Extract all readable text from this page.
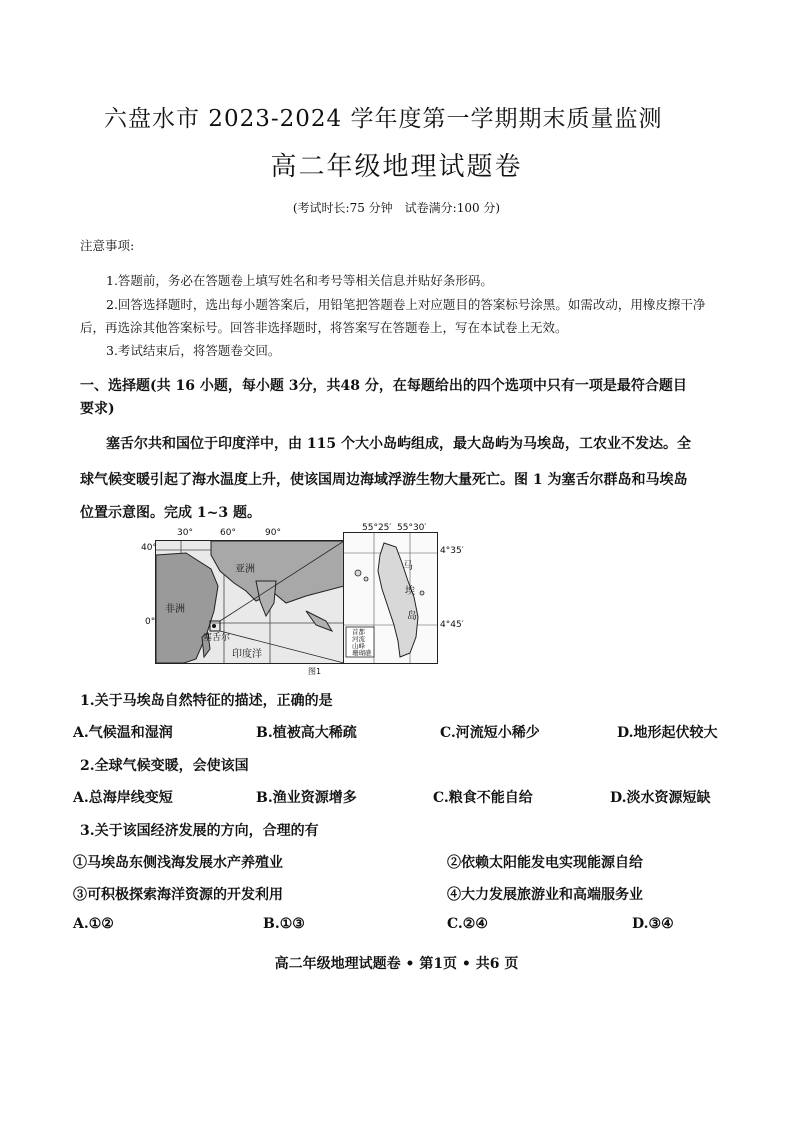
六盘水市 2023-2024 学年度第一学期期末质量监测
高二年级地理试题卷
(考试时长:75 分钟　试卷满分:100 分)
注意事项:
1.答题前，务必在答题卷上填写姓名和考号等相关信息并贴好条形码。
2.回答选择题时，选出每小题答案后，用铅笔把答题卷上对应题目的答案标号涂黑。如需改动，用橡皮擦干净
后，再选涂其他答案标号。回答非选择题时，将答案写在答题卷上，写在本试卷上无效。
3.考试结束后，将答题卷交回。
一、选择题(共 16 小题，每小题 3分，共48 分，在每题给出的四个选项中只有一项是最符合题目
要求)
塞舌尔共和国位于印度洋中，由 115 个大小岛屿组成，最大岛屿为马埃岛，工农业不发达。全
球气候变暖引起了海水温度上升，使该国周边海域浮游生物大量死亡。图 1 为塞舌尔群岛和马埃岛
位置示意图。完成 1~3 题。
30°	60°	90°
40°
0°
亚洲
非洲
塞舌尔
印度洋
55°25′ 55°30′
4°35′
4°45′
马
埃
岛
首都
河流
山峰
珊瑚礁
图1
1.关于马埃岛自然特征的描述，正确的是
A.气候温和湿润	B.植被高大稀疏	C.河流短小稀少	D.地形起伏较大
2.全球气候变暖，会使该国
A.总海岸线变短	B.渔业资源增多	C.粮食不能自给	D.淡水资源短缺
3.关于该国经济发展的方向，合理的有
①马埃岛东侧浅海发展水产养殖业	②依赖太阳能发电实现能源自给
③可积极探索海洋资源的开发利用	④大力发展旅游业和高端服务业
A.①②	B.①③	C.②④	D.③④
高二年级地理试题卷 • 第1页 • 共6 页
